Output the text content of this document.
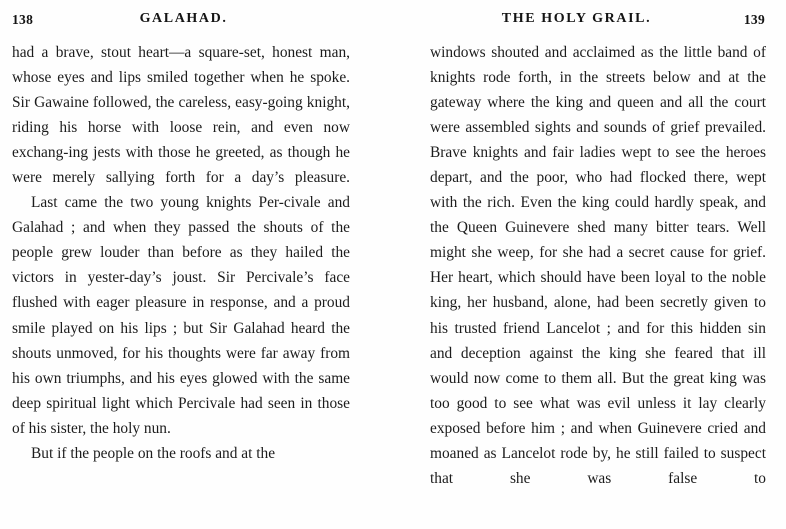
138	GALAHAD.

had a brave, stout heart—a square-set, honest man, whose eyes and lips smiled together when he spoke. Sir Gawaine followed, the careless, easy-going knight, riding his horse with loose rein, and even now exchang-ing jests with those he greeted, as though he were merely sallying forth for a day’s pleasure.

Last came the two young knights Per-civale and Galahad ; and when they passed the shouts of the people grew louder than before as they hailed the victors in yester-day’s joust. Sir Percivale’s face flushed with eager pleasure in response, and a proud smile played on his lips ; but Sir Galahad heard the shouts unmoved, for his thoughts were far away from his own triumphs, and his eyes glowed with the same deep spiritual light which Percivale had seen in those of his sister, the holy nun.

But if the people on the roofs and at the

THE HOLY GRAIL.	139

windows shouted and acclaimed as the little band of knights rode forth, in the streets below and at the gateway where the king and queen and all the court were assembled sights and sounds of grief prevailed. Brave knights and fair ladies wept to see the heroes depart, and the poor, who had flocked there, wept with the rich. Even the king could hardly speak, and the Queen Guinevere shed many bitter tears. Well might she weep, for she had a secret cause for grief. Her heart, which should have been loyal to the noble king, her husband, alone, had been secretly given to his trusted friend Lancelot ; and for this hidden sin and deception against the king she feared that ill would now come to them all. But the great king was too good to see what was evil unless it lay clearly exposed before him ; and when Guinevere cried and moaned as Lancelot rode by, he still failed to suspect that she was false to
